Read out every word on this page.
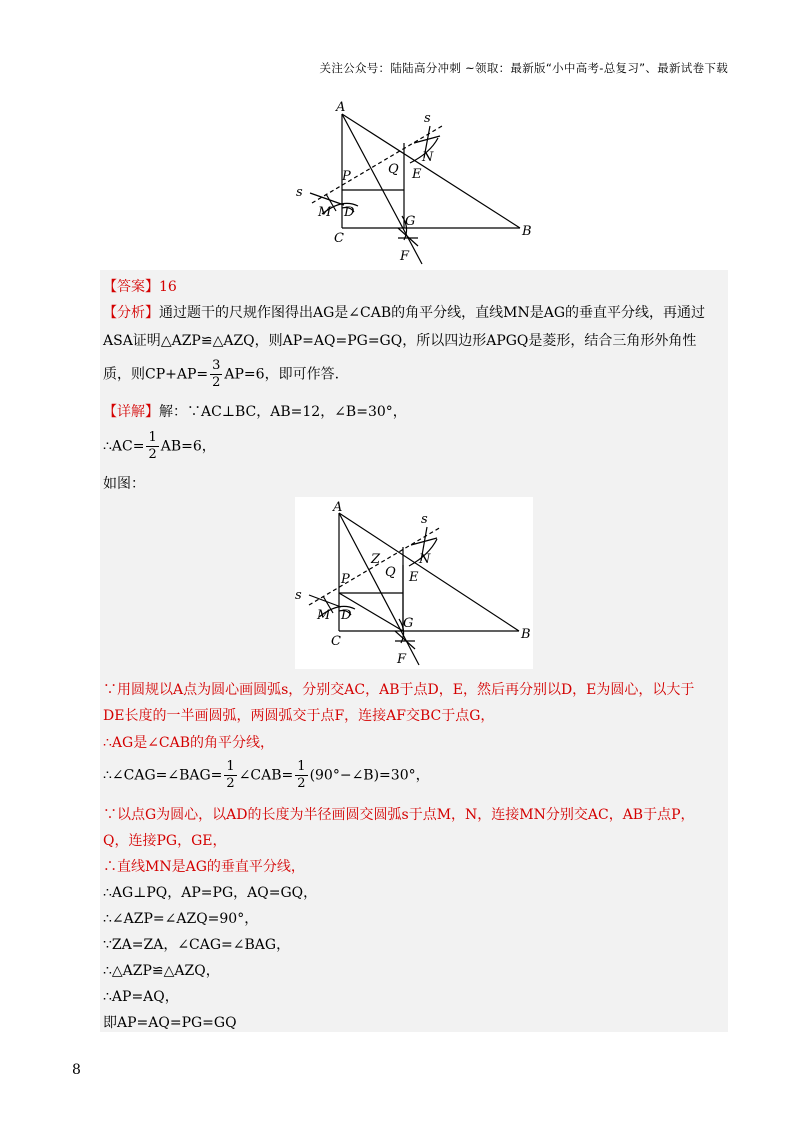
关注公众号：陆陆高分冲刺 ~领取：最新版“小中高考-总复习”、最新试卷下载
A
B
C
D
E
F
G
M
N
P	Q
s
s
【答案】16
【分析】通过题干的尺规作图得出AG是∠CAB的角平分线，直线MN是AG的垂直平分线，再通过
ASA证明△AZP≌△AZQ，则AP=AQ=PG=GQ，所以四边形APGQ是菱形，结合三角形外角性
质，则$CP+AP= \frac{3}{2} AP=6$，即可作答.
【详解】解：∵AC⊥BC，AB=12，∠B=30°，
∴AC= $\frac{1}{2} AB=6$，
如图：
A
B
C
D
E
F
G
M
N
P	Q
Z
s
s
∵用圆规以A点为圆心画圆弧s，分别交AC，AB于点D，E，然后再分别以D，E为圆心，以大于
DE长度的一半画圆弧，两圆弧交于点F，连接AF交BC于点G，
∴AG是∠CAB的角平分线，
∴∠CAG=∠BAG= $\frac{1}{2}$ ∠CAB= $\frac{1}{2}$ (90°−∠B)=30°，
∵以点G为圆心，以AD的长度为半径画圆交圆弧s于点M，N，连接MN分别交AC，AB于点P，
Q，连接PG，GE，
∴直线MN是AG的垂直平分线，
∴AG⊥PQ，AP=PG，AQ=GQ，
∴∠AZP=∠AZQ=90°，
∵ZA=ZA，∠CAG=∠BAG，
∴△AZP≌△AZQ，
∴AP=AQ，
即AP=AQ=PG=GQ
8
